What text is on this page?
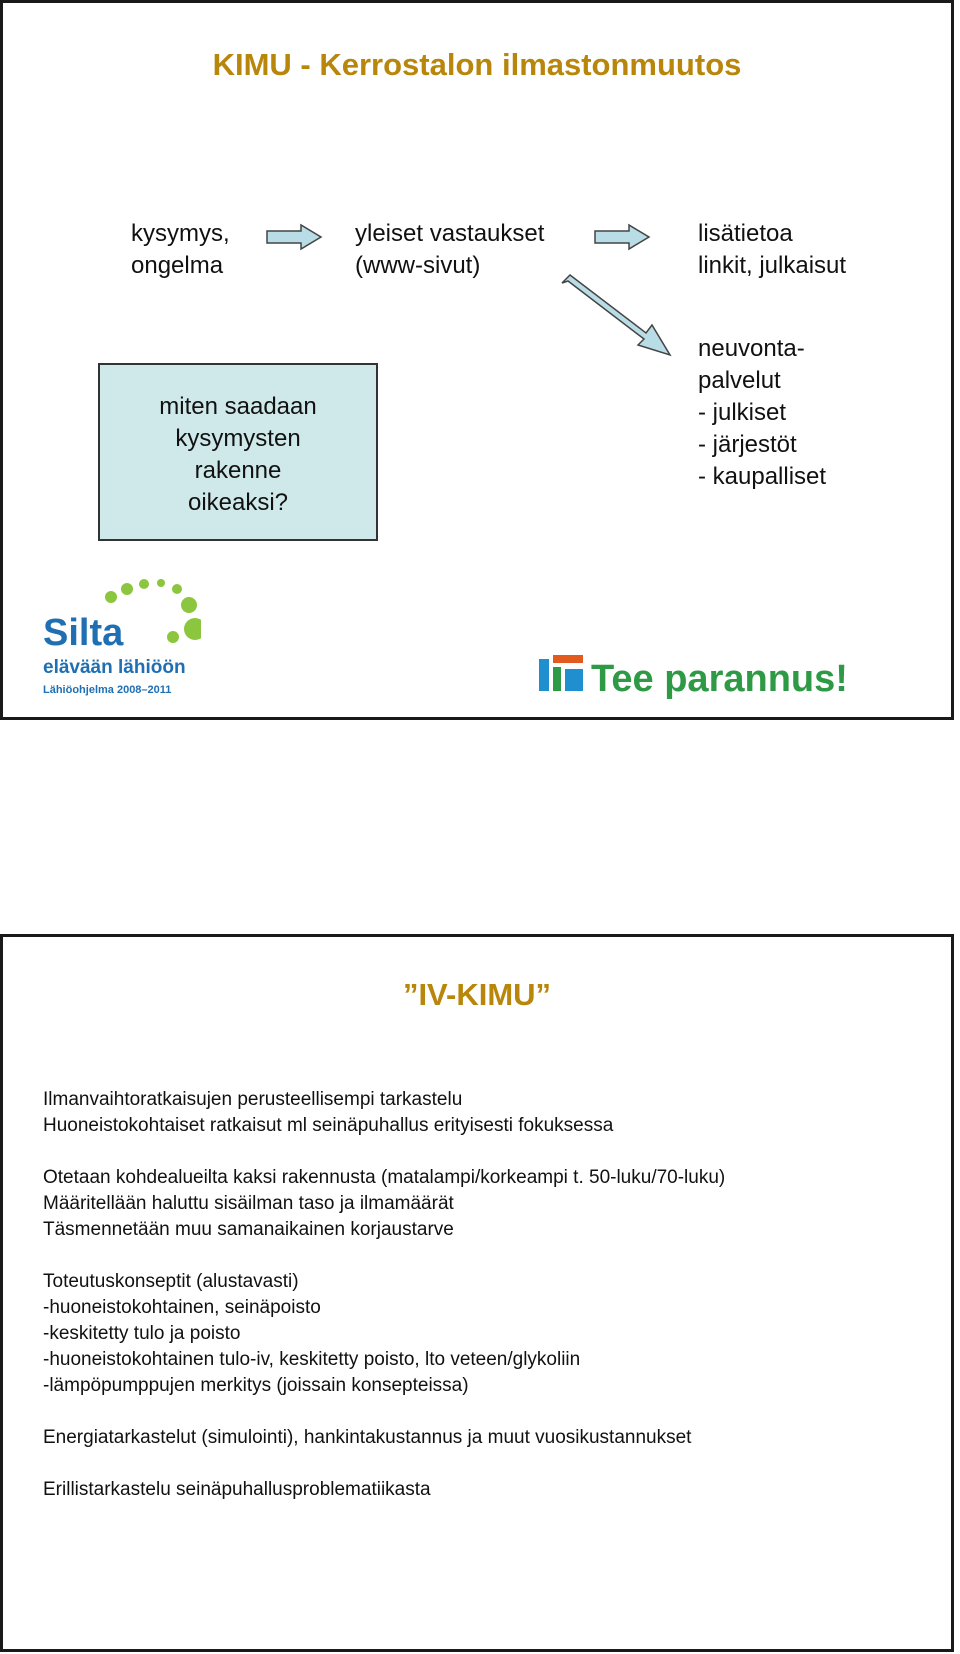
KIMU - Kerrostalon ilmastonmuutos
kysymys,
ongelma
yleiset vastaukset
(www-sivut)
lisätietoa
linkit, julkaisut
neuvonta-
palvelut
- julkiset
- järjestöt
- kaupalliset
miten saadaan
kysymysten
rakenne
oikeaksi?
Silta
elävään lähiöön
Lähiöohjelma 2008–2011	Tee parannus!
”IV-KIMU”
Ilmanvaihtoratkaisujen perusteellisempi tarkastelu
Huoneistokohtaiset ratkaisut ml seinäpuhallus erityisesti fokuksessa
Otetaan kohdealueilta kaksi rakennusta (matalampi/korkeampi t. 50-luku/70-luku)
Määritellään haluttu sisäilman taso ja ilmamäärät
Täsmennetään muu samanaikainen korjaustarve
Toteutuskonseptit (alustavasti)
-huoneistokohtainen, seinäpoisto
-keskitetty tulo ja poisto
-huoneistokohtainen tulo-iv, keskitetty poisto, lto veteen/glykoliin
-lämpöpumppujen merkitys (joissain konsepteissa)
Energiatarkastelut (simulointi), hankintakustannus ja muut vuosikustannukset
Erillistarkastelu seinäpuhallusproblematiikasta
